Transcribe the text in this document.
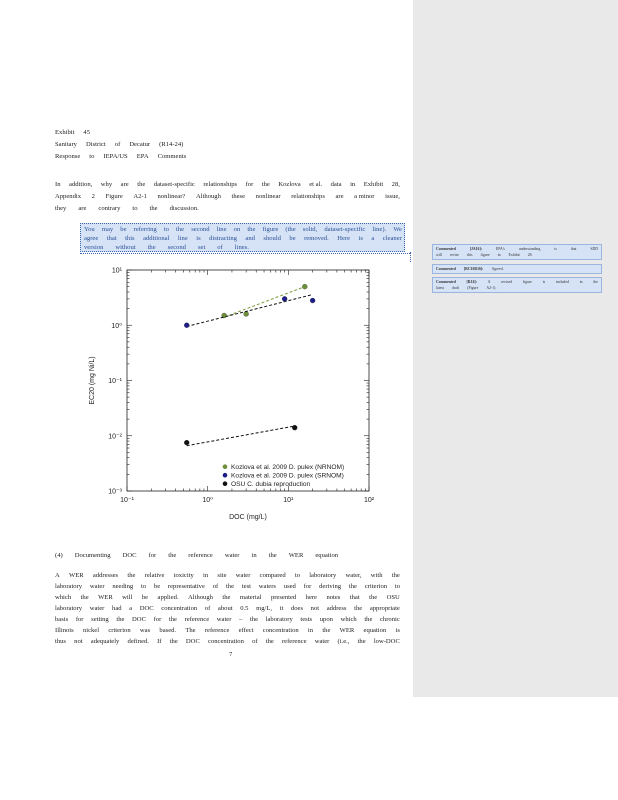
Exhibit 45
Sanitary District of Decatur (R14-24)
Response to IEPA/US EPA Comments
In addition, why are the dataset-specific relationships for the Kozlova et al. data in Exhibit 28,
Appendix 2 Figure A2-1 nonlinear? Although these nonlinear relationships are a minor issue,
they are contrary to the discussion.
You may be referring to the second line on the figure (the solid, dataset-specific line). We
agree that this additional line is distracting and should be removed. Here is a cleaner
version without the second set of lines.
10⁻¹	10⁰	10¹	10²
10¹
10⁰
10⁻¹
10⁻²
10⁻³
DOC (mg/L)
EC20 (mg Ni/L)
Kozlova et al. 2009 D. pulex (NRNOM)
Kozlova et al. 2009 D. pulex (SRNOM)
OSU C. dubia reproduction
(4) Documenting DOC for the reference water in the WER equation
A WER addresses the relative toxicity in site water compared to laboratory water, with the
laboratory water needing to be representative of the test waters used for deriving the criterion to
which the WER will be applied. Although the material presented here notes that the OSU
laboratory water had a DOC concentration of about 0.5 mg/L, it does not address the appropriate
basis for setting the DOC for the reference water – the laboratory tests upon which the chronic
Illinois nickel criterion was based. The reference effect concentration in the WER equation is
thus not adequately defined. If the DOC concentration of the reference water (i.e., the low-DOC
7
Commented	[JA16]:	EPA's	understanding	is	that	SDD
will revise this figure in Exhibit 28.
Commented [RC16R16]: Agreed.
Commented	[RJ4]:	A	revised	figure	is	included	in	the
latest draft (Figure A2-1).
